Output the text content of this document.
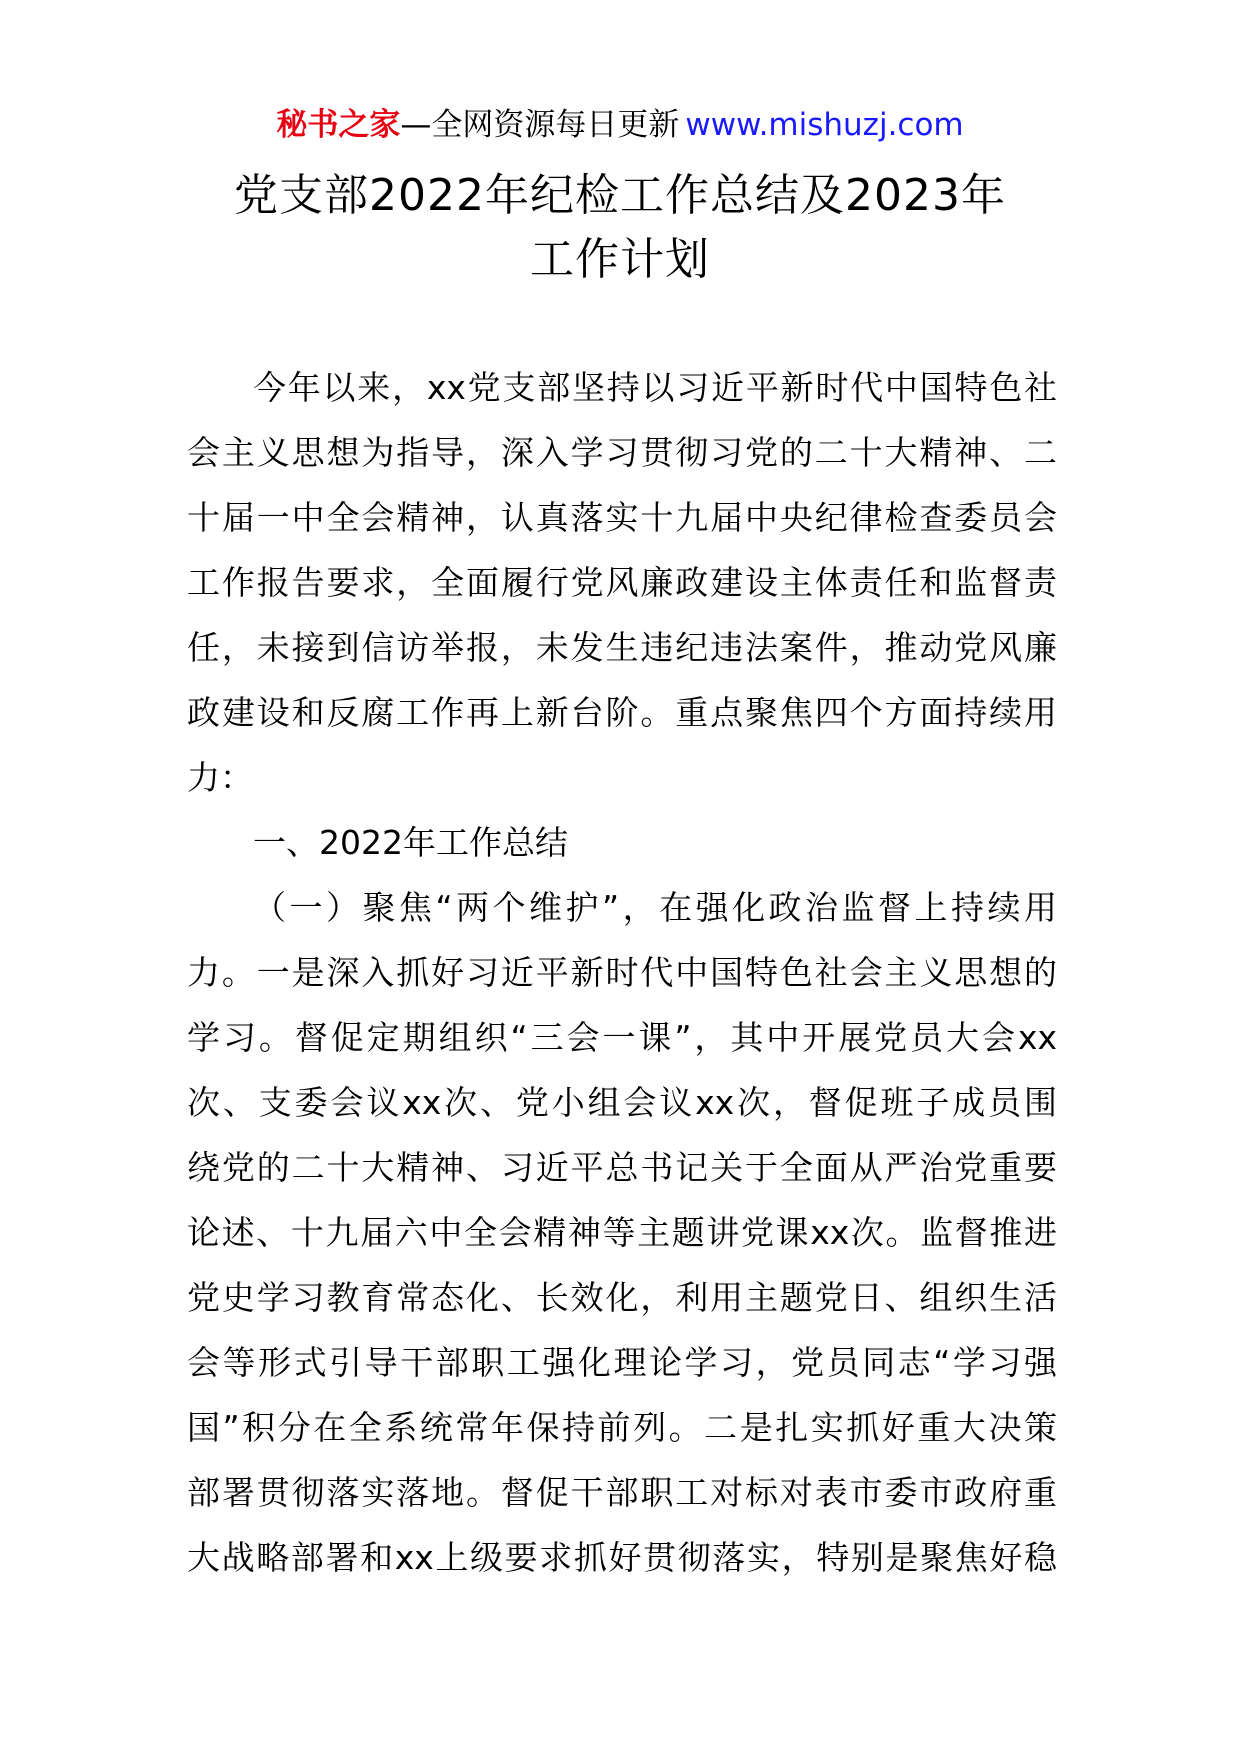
秘书之家—全网资源每日更新 www.mishuzj.com
党支部2022年纪检工作总结及2023年
工作计划
今年以来，xx党支部坚持以习近平新时代中国特色社
会主义思想为指导，深入学习贯彻习党的二十大精神、二
十届一中全会精神，认真落实十九届中央纪律检查委员会
工作报告要求，全面履行党风廉政建设主体责任和监督责
任，未接到信访举报，未发生违纪违法案件，推动党风廉
政建设和反腐工作再上新台阶。重点聚焦四个方面持续用
力：
一、2022年工作总结
（一）聚焦“两个维护”，在强化政治监督上持续用
力。一是深入抓好习近平新时代中国特色社会主义思想的
学习。督促定期组织“三会一课”，其中开展党员大会xx
次、支委会议xx次、党小组会议xx次，督促班子成员围
绕党的二十大精神、习近平总书记关于全面从严治党重要
论述、十九届六中全会精神等主题讲党课xx次。监督推进
党史学习教育常态化、长效化，利用主题党日、组织生活
会等形式引导干部职工强化理论学习，党员同志“学习强
国”积分在全系统常年保持前列。二是扎实抓好重大决策
部署贯彻落实落地。督促干部职工对标对表市委市政府重
大战略部署和xx上级要求抓好贯彻落实，特别是聚焦好稳
